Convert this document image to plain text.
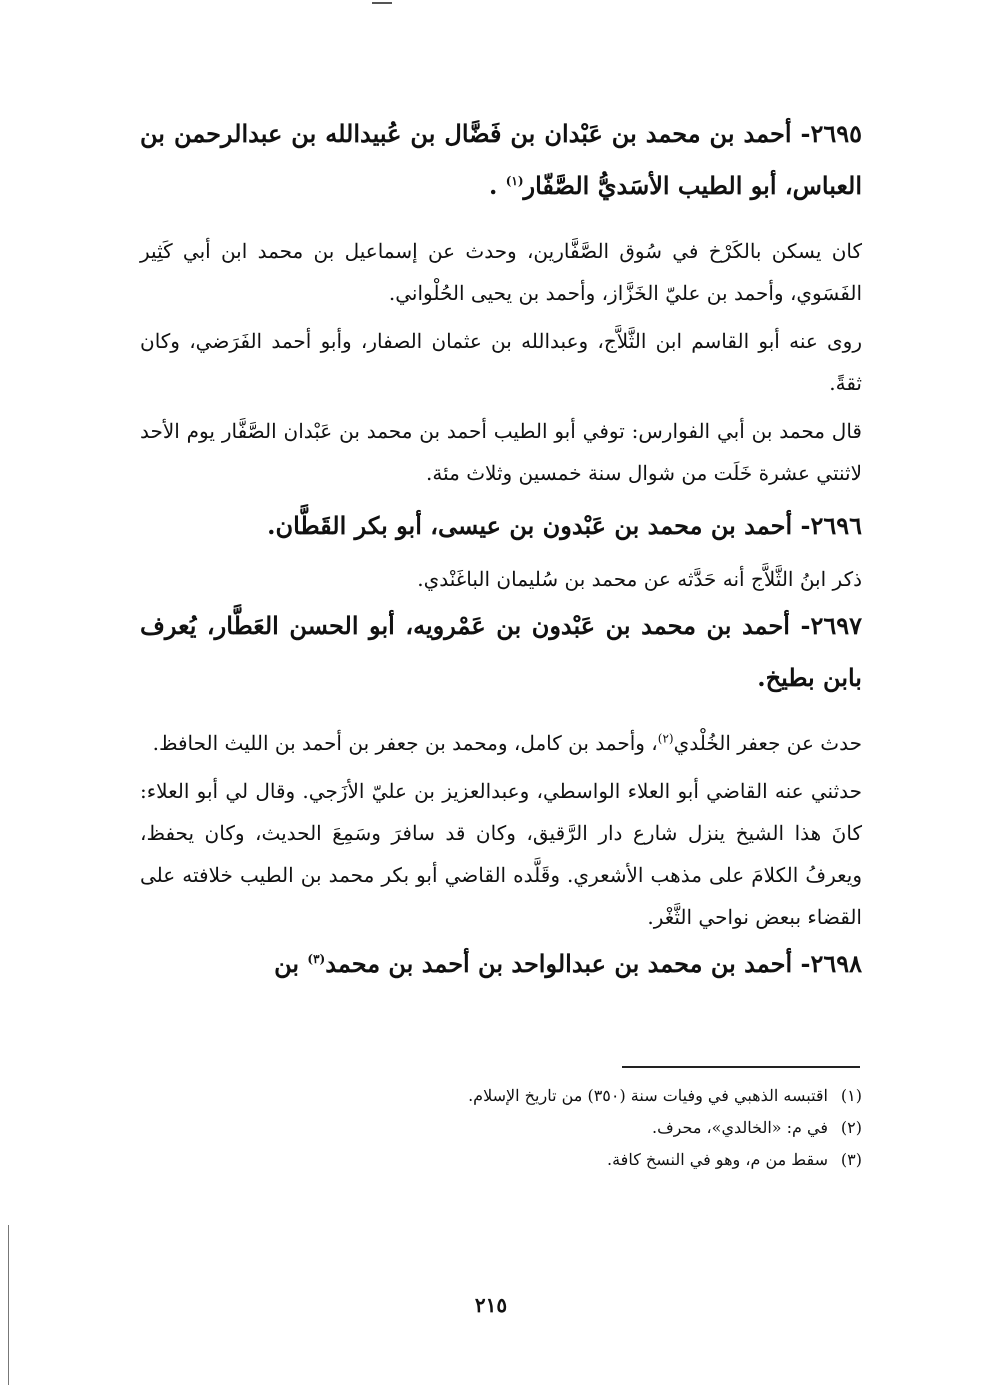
٢٦٩٥- أحمد بن محمد بن عَبْدان بن فَضَّال بن عُبيدالله بن عبدالرحمن بن العباس، أبو الطيب الأسَديُّ الصَّفّار$^{(١)}$ .

كان يسكن بالكَرْخ في سُوق الصَّفَّارين، وحدث عن إسماعيل بن محمد ابن أبي كَثِير الفَسَوي، وأحمد بن عليّ الخَزَّاز، وأحمد بن يحيى الحُلْواني.

روى عنه أبو القاسم ابن الثَّلاَّج، وعبدالله بن عثمان الصفار، وأبو أحمد الفَرَضي، وكان ثقةً.

قال محمد بن أبي الفوارس: توفي أبو الطيب أحمد بن محمد بن عَبْدان الصَّفَّار يوم الأحد لاثنتي عشرة خَلَت من شوال سنة خمسين وثلاث مئة.

٢٦٩٦- أحمد بن محمد بن عَبْدون بن عيسى، أبو بكر القَطَّان.

ذكر ابنُ الثَّلاَّج أنه حَدَّثه عن محمد بن سُليمان الباغَنْدي.

٢٦٩٧- أحمد بن محمد بن عَبْدون بن عَمْرويه، أبو الحسن العَطَّار، يُعرف بابن بطيخ.

حدث عن جعفر الخُلْدي$^{(٢)}$، وأحمد بن كامل، ومحمد بن جعفر بن أحمد بن الليث الحافظ.

حدثني عنه القاضي أبو العلاء الواسطي، وعبدالعزيز بن عليّ الأزَجي. وقال لي أبو العلاء: كانَ هذا الشيخ ينزل شارع دار الرَّقيق، وكان قد سافرَ وسَمِعَ الحديث، وكان يحفظ، ويعرفُ الكلامَ على مذهب الأشعري. وقَلَّده القاضي أبو بكر محمد بن الطيب خلافته على القضاء ببعض نواحي الثَّغْر.

٢٦٩٨- أحمد بن محمد بن عبدالواحد بن أحمد بن محمد$^{(٣)}$ بن

(١)اقتبسه الذهبي في وفيات سنة (٣٥٠) من تاريخ الإسلام.

(٢)في م: «الخالدي»، محرف.

(٣)سقط من م، وهو في النسخ كافة.

٢١٥
